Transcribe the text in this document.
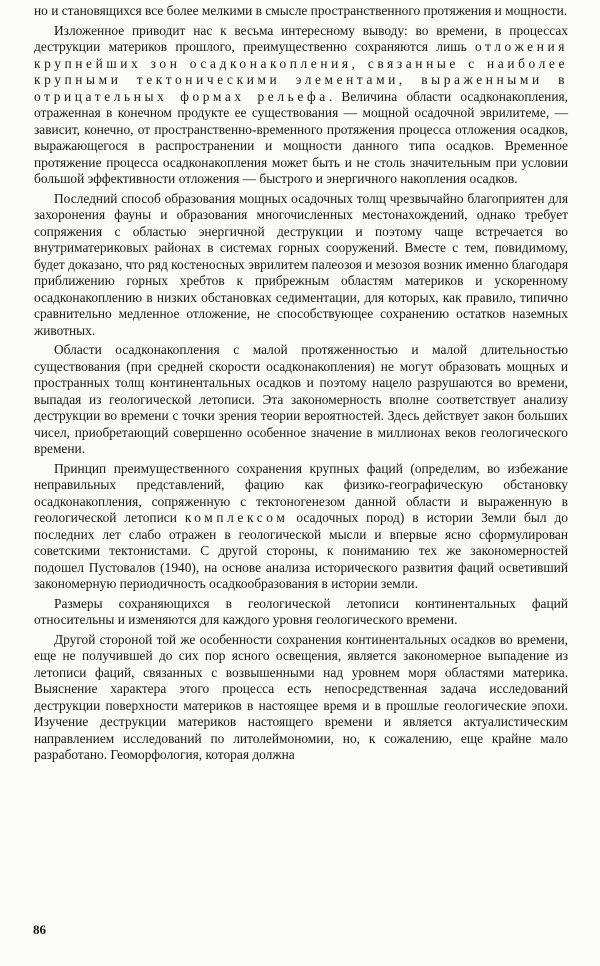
но и становящихся все более мелкими в смысле пространственного протяжения и мощности.

Изложенное приводит нас к весьма интересному выводу: во времени, в процессах деструкции материков прошлого, преимущественно сохраняются лишь отложения крупнейших зон осадконакопления, связанные с наиболее крупными тектоническими элементами, выраженными в отрицательных формах рельефа. Величина области осадконакопления, отраженная в конечном продукте ее существования — мощной осадочной эврилитеме, — зависит, конечно, от пространственно-временного протяжения процесса отложения осадков, выражающегося в распространении и мощности данного типа осадков. Временно́е протяжение процесса осадконакопления может быть и не столь значительным при условии большой эффективности отложения — быстрого и энергичного накопления осадков.

Последний способ образования мощных осадочных толщ чрезвычайно благоприятен для захоронения фауны и образования многочисленных местонахождений, однако требует сопряжения с областью энергичной деструкции и поэтому чаще встречается во внутриматериковых районах в системах горных сооружений. Вместе с тем, повидимому, будет доказано, что ряд костеносных эврилитем палеозоя и мезозоя возник именно благодаря приближению горных хребтов к прибрежным областям материков и ускоренному осадконакоплению в низких обстановках седиментации, для которых, как правило, типично сравнительно медленное отложение, не способствующее сохранению остатков наземных животных.

Области осадконакопления с малой протяженностью и малой длительностью существования (при средней скорости осадконакопления) не могут образовать мощных и пространных толщ континентальных осадков и поэтому нацело разрушаются во времени, выпадая из геологической летописи. Эта закономерность вполне соответствует анализу деструкции во времени с точки зрения теории вероятностей. Здесь действует закон больших чисел, приобретающий совершенно особенное значение в миллионах веков геологического времени.

Принцип преимущественного сохранения крупных фаций (определим, во избежание неправильных представлений, фацию как физико-географическую обстановку осадконакопления, сопряженную с тектоногенезом данной области и выраженную в геологической летописи комплексом осадочных пород) в истории Земли был до последних лет слабо отражен в геологической мысли и впервые ясно сформулирован советскими тектонистами. С другой стороны, к пониманию тех же закономерностей подошел Пустовалов (1940), на основе анализа исторического развития фаций осветивший закономерную периодичность осадкообразования в истории земли.

Размеры сохраняющихся в геологической летописи континентальных фаций относительны и изменяются для каждого уровня геологического времени.

Другой стороной той же особенности сохранения континентальных осадков во времени, еще не получившей до сих пор ясного освещения, является закономерное выпадение из летописи фаций, связанных с возвышенными над уровнем моря областями материка. Выяснение характера этого процесса есть непосредственная задача исследований деструкции поверхности материков в настоящее время и в прошлые геологические эпохи. Изучение деструкции материков настоящего времени и является актуалистическим направлением исследований по литолеймономии, но, к сожалению, еще крайне мало разработано. Геоморфология, которая должна

86
